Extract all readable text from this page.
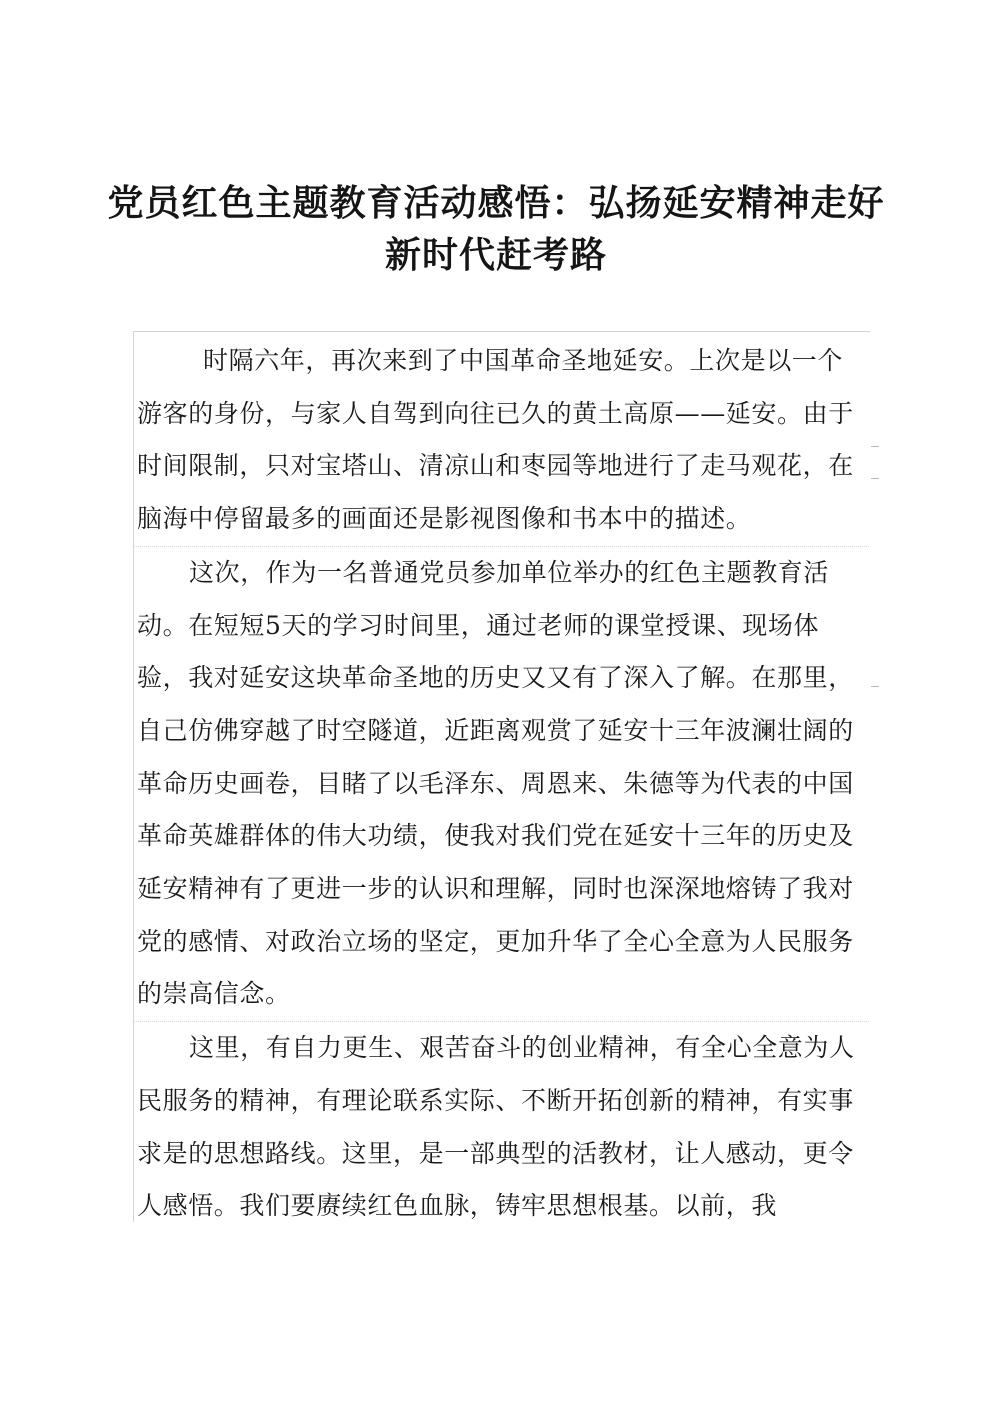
党员红色主题教育活动感悟：弘扬延安精神走好新时代赶考路

时隔六年，再次来到了中国革命圣地延安。上次是以一个游客的身份，与家人自驾到向往已久的黄土高原——延安。由于时间限制，只对宝塔山、清凉山和枣园等地进行了走马观花，在脑海中停留最多的画面还是影视图像和书本中的描述。

这次，作为一名普通党员参加单位举办的红色主题教育活动。在短短5天的学习时间里，通过老师的课堂授课、现场体验，我对延安这块革命圣地的历史又又有了深入了解。在那里，自己仿佛穿越了时空隧道，近距离观赏了延安十三年波澜壮阔的革命历史画卷，目睹了以毛泽东、周恩来、朱德等为代表的中国革命英雄群体的伟大功绩，使我对我们党在延安十三年的历史及延安精神有了更进一步的认识和理解，同时也深深地熔铸了我对党的感情、对政治立场的坚定，更加升华了全心全意为人民服务的崇高信念。

这里，有自力更生、艰苦奋斗的创业精神，有全心全意为人民服务的精神，有理论联系实际、不断开拓创新的精神，有实事求是的思想路线。这里，是一部典型的活教材，让人感动，更令人感悟。我们要赓续红色血脉，铸牢思想根基。以前，我
